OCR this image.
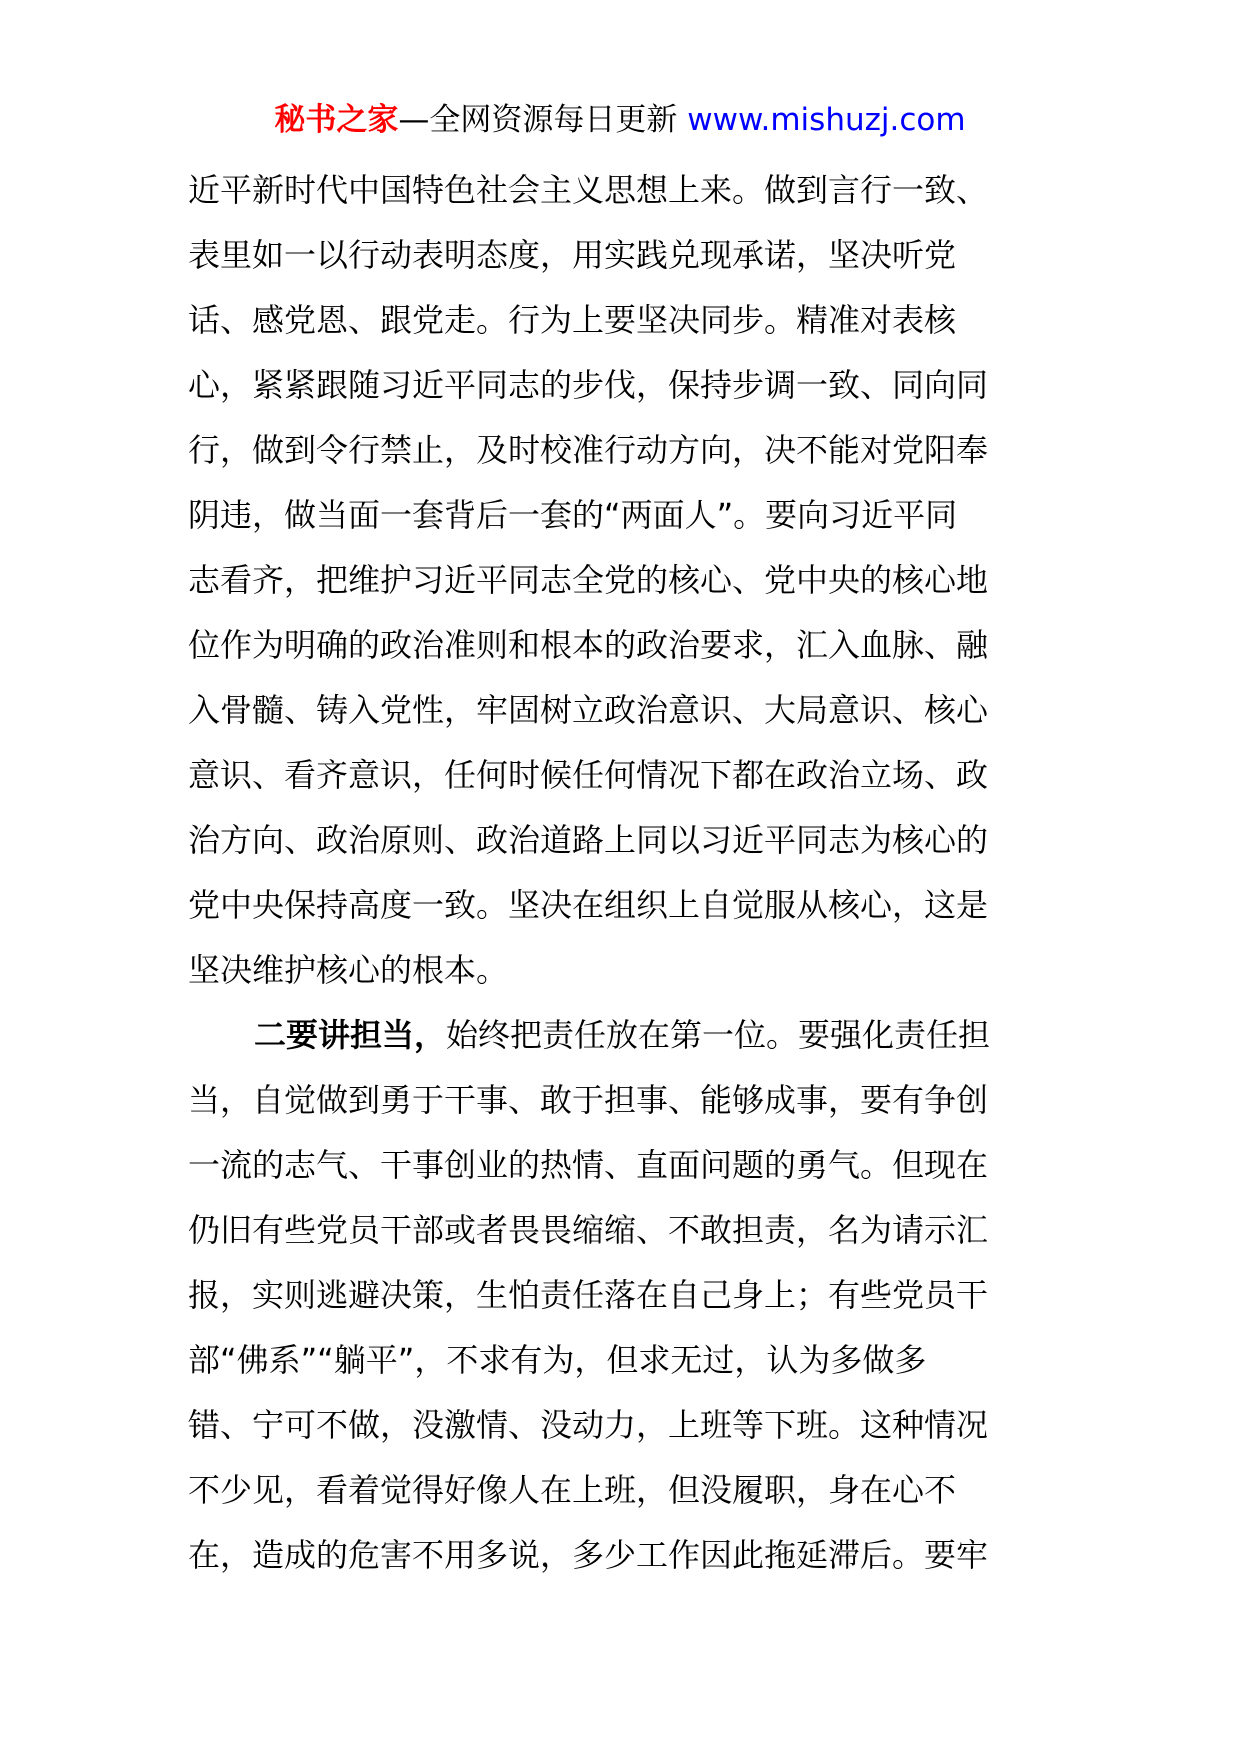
秘书之家—全网资源每日更新 www.mishuzj.com
近平新时代中国特色社会主义思想上来。做到言行一致、
表里如一以行动表明态度，用实践兑现承诺，坚决听党
话、感党恩、跟党走。行为上要坚决同步。精准对表核
心，紧紧跟随习近平同志的步伐，保持步调一致、同向同
行，做到令行禁止，及时校准行动方向，决不能对党阳奉
阴违，做当面一套背后一套的“两面人”。要向习近平同
志看齐，把维护习近平同志全党的核心、党中央的核心地
位作为明确的政治准则和根本的政治要求，汇入血脉、融
入骨髓、铸入党性，牢固树立政治意识、大局意识、核心
意识、看齐意识，任何时候任何情况下都在政治立场、政
治方向、政治原则、政治道路上同以习近平同志为核心的
党中央保持高度一致。坚决在组织上自觉服从核心，这是
坚决维护核心的根本。
二要讲担当，始终把责任放在第一位。要强化责任担
当，自觉做到勇于干事、敢于担事、能够成事，要有争创
一流的志气、干事创业的热情、直面问题的勇气。但现在
仍旧有些党员干部或者畏畏缩缩、不敢担责，名为请示汇
报，实则逃避决策，生怕责任落在自己身上；有些党员干
部“佛系”“躺平”，不求有为，但求无过，认为多做多
错、宁可不做，没激情、没动力，上班等下班。这种情况
不少见，看着觉得好像人在上班，但没履职，身在心不
在，造成的危害不用多说，多少工作因此拖延滞后。要牢
